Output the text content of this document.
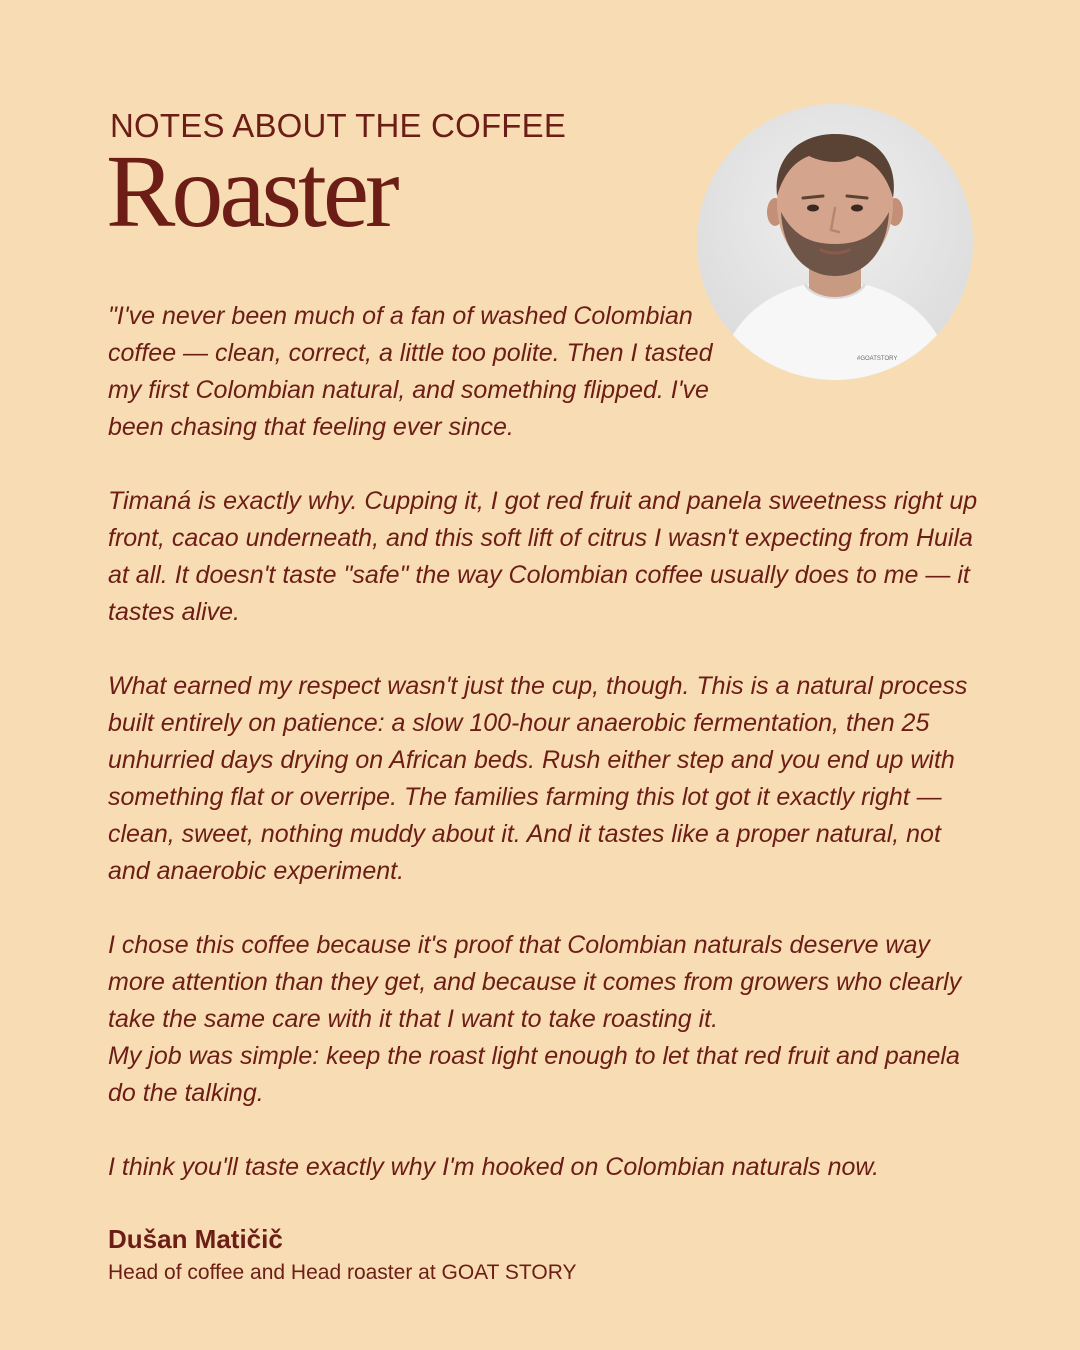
NOTES ABOUT THE COFFEE
Roaster
#GOATSTORY

"I've never been much of a fan of washed Colombian coffee — clean, correct, a little too polite. Then I tasted my first Colombian natural, and something flipped. I've been chasing that feeling ever since.

Timaná is exactly why. Cupping it, I got red fruit and panela sweetness right up front, cacao underneath, and this soft lift of citrus I wasn't expecting from Huila at all. It doesn't taste "safe" the way Colombian coffee usually does to me — it tastes alive.

What earned my respect wasn't just the cup, though. This is a natural process built entirely on patience: a slow 100-hour anaerobic fermentation, then 25 unhurried days drying on African beds. Rush either step and you end up with something flat or overripe. The families farming this lot got it exactly right — clean, sweet, nothing muddy about it. And it tastes like a proper natural, not and anaerobic experiment.

I chose this coffee because it's proof that Colombian naturals deserve way more attention than they get, and because it comes from growers who clearly take the same care with it that I want to take roasting it.

My job was simple: keep the roast light enough to let that red fruit and panela do the talking.

I think you'll taste exactly why I'm hooked on Colombian naturals now.

Dušan Matičič

Head of coffee and Head roaster at GOAT STORY
